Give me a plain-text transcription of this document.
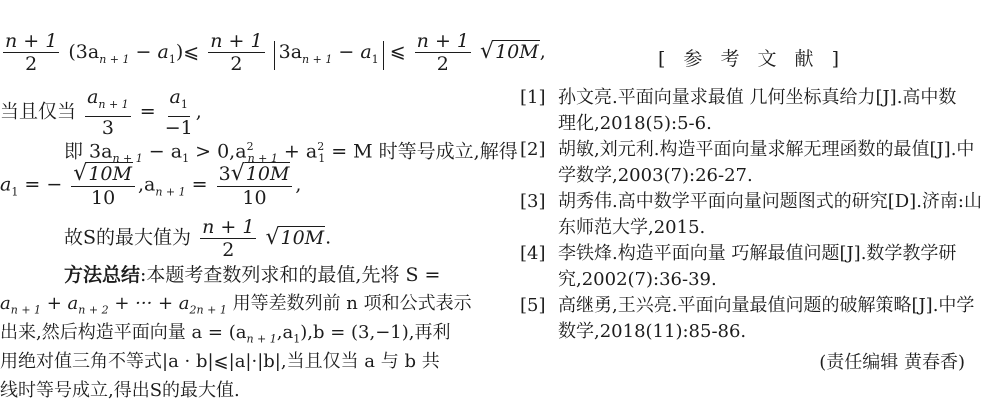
$\frac{n + 1}{2} (3a_{n + 1}$ − $a_1)⩽ \frac{n + 1}{2} 3a_{n + 1} - a_1$ ⩽ $\frac{n + 1}{2}$
√ 10M ,
当且仅当 $\frac{a_{n + 1}}{3} = \frac{a_1}{-1}$ ,
即 $3a_{n + 1} - a_1 > 0,a^2_{n + 1} + a^2_1 = M$ 时等号成立,解得
$a_1$ = − $\frac{√ 10M}{10} ,a_{n + 1} = \frac{3 √ 10M}{10}$ ,
故S的最大值为 $\frac{n + 1}{2}$
√ 10M .
方法总结:本题考查数列求和的最值,先将 S =
$a_{n + 1} + a_{n + 2}$ + ··· + $a_{2n + 1}$ 用等差数列前 n 项和公式表示
出来,然后构造平面向量 $a = (a_{n + 1},a_1),b = (3,-1)$,再利
用绝对值三角不等式|a · b|⩽|a|·|b|,当且仅当 a 与 b 共
线时等号成立,得出S的最大值.
[ 参 考 文 献 ]
[1] 孙文亮.平面向量求最值 几何坐标真给力[J].高中数
理化,2018(5):5-6.
[2] 胡敏,刘元利.构造平面向量求解无理函数的最值[J].中
学数学,2003(7):26-27.
[3] 胡秀伟.高中数学平面向量问题图式的研究[D].济南:山
东师范大学,2015.
[4] 李铁烽.构造平面向量 巧解最值问题[J].数学教学研
究,2002(7):36-39.
[5] 高继勇,王兴亮.平面向量最值问题的破解策略[J].中学
数学,2018(11):85-86.
(责任编辑 黄春香)
